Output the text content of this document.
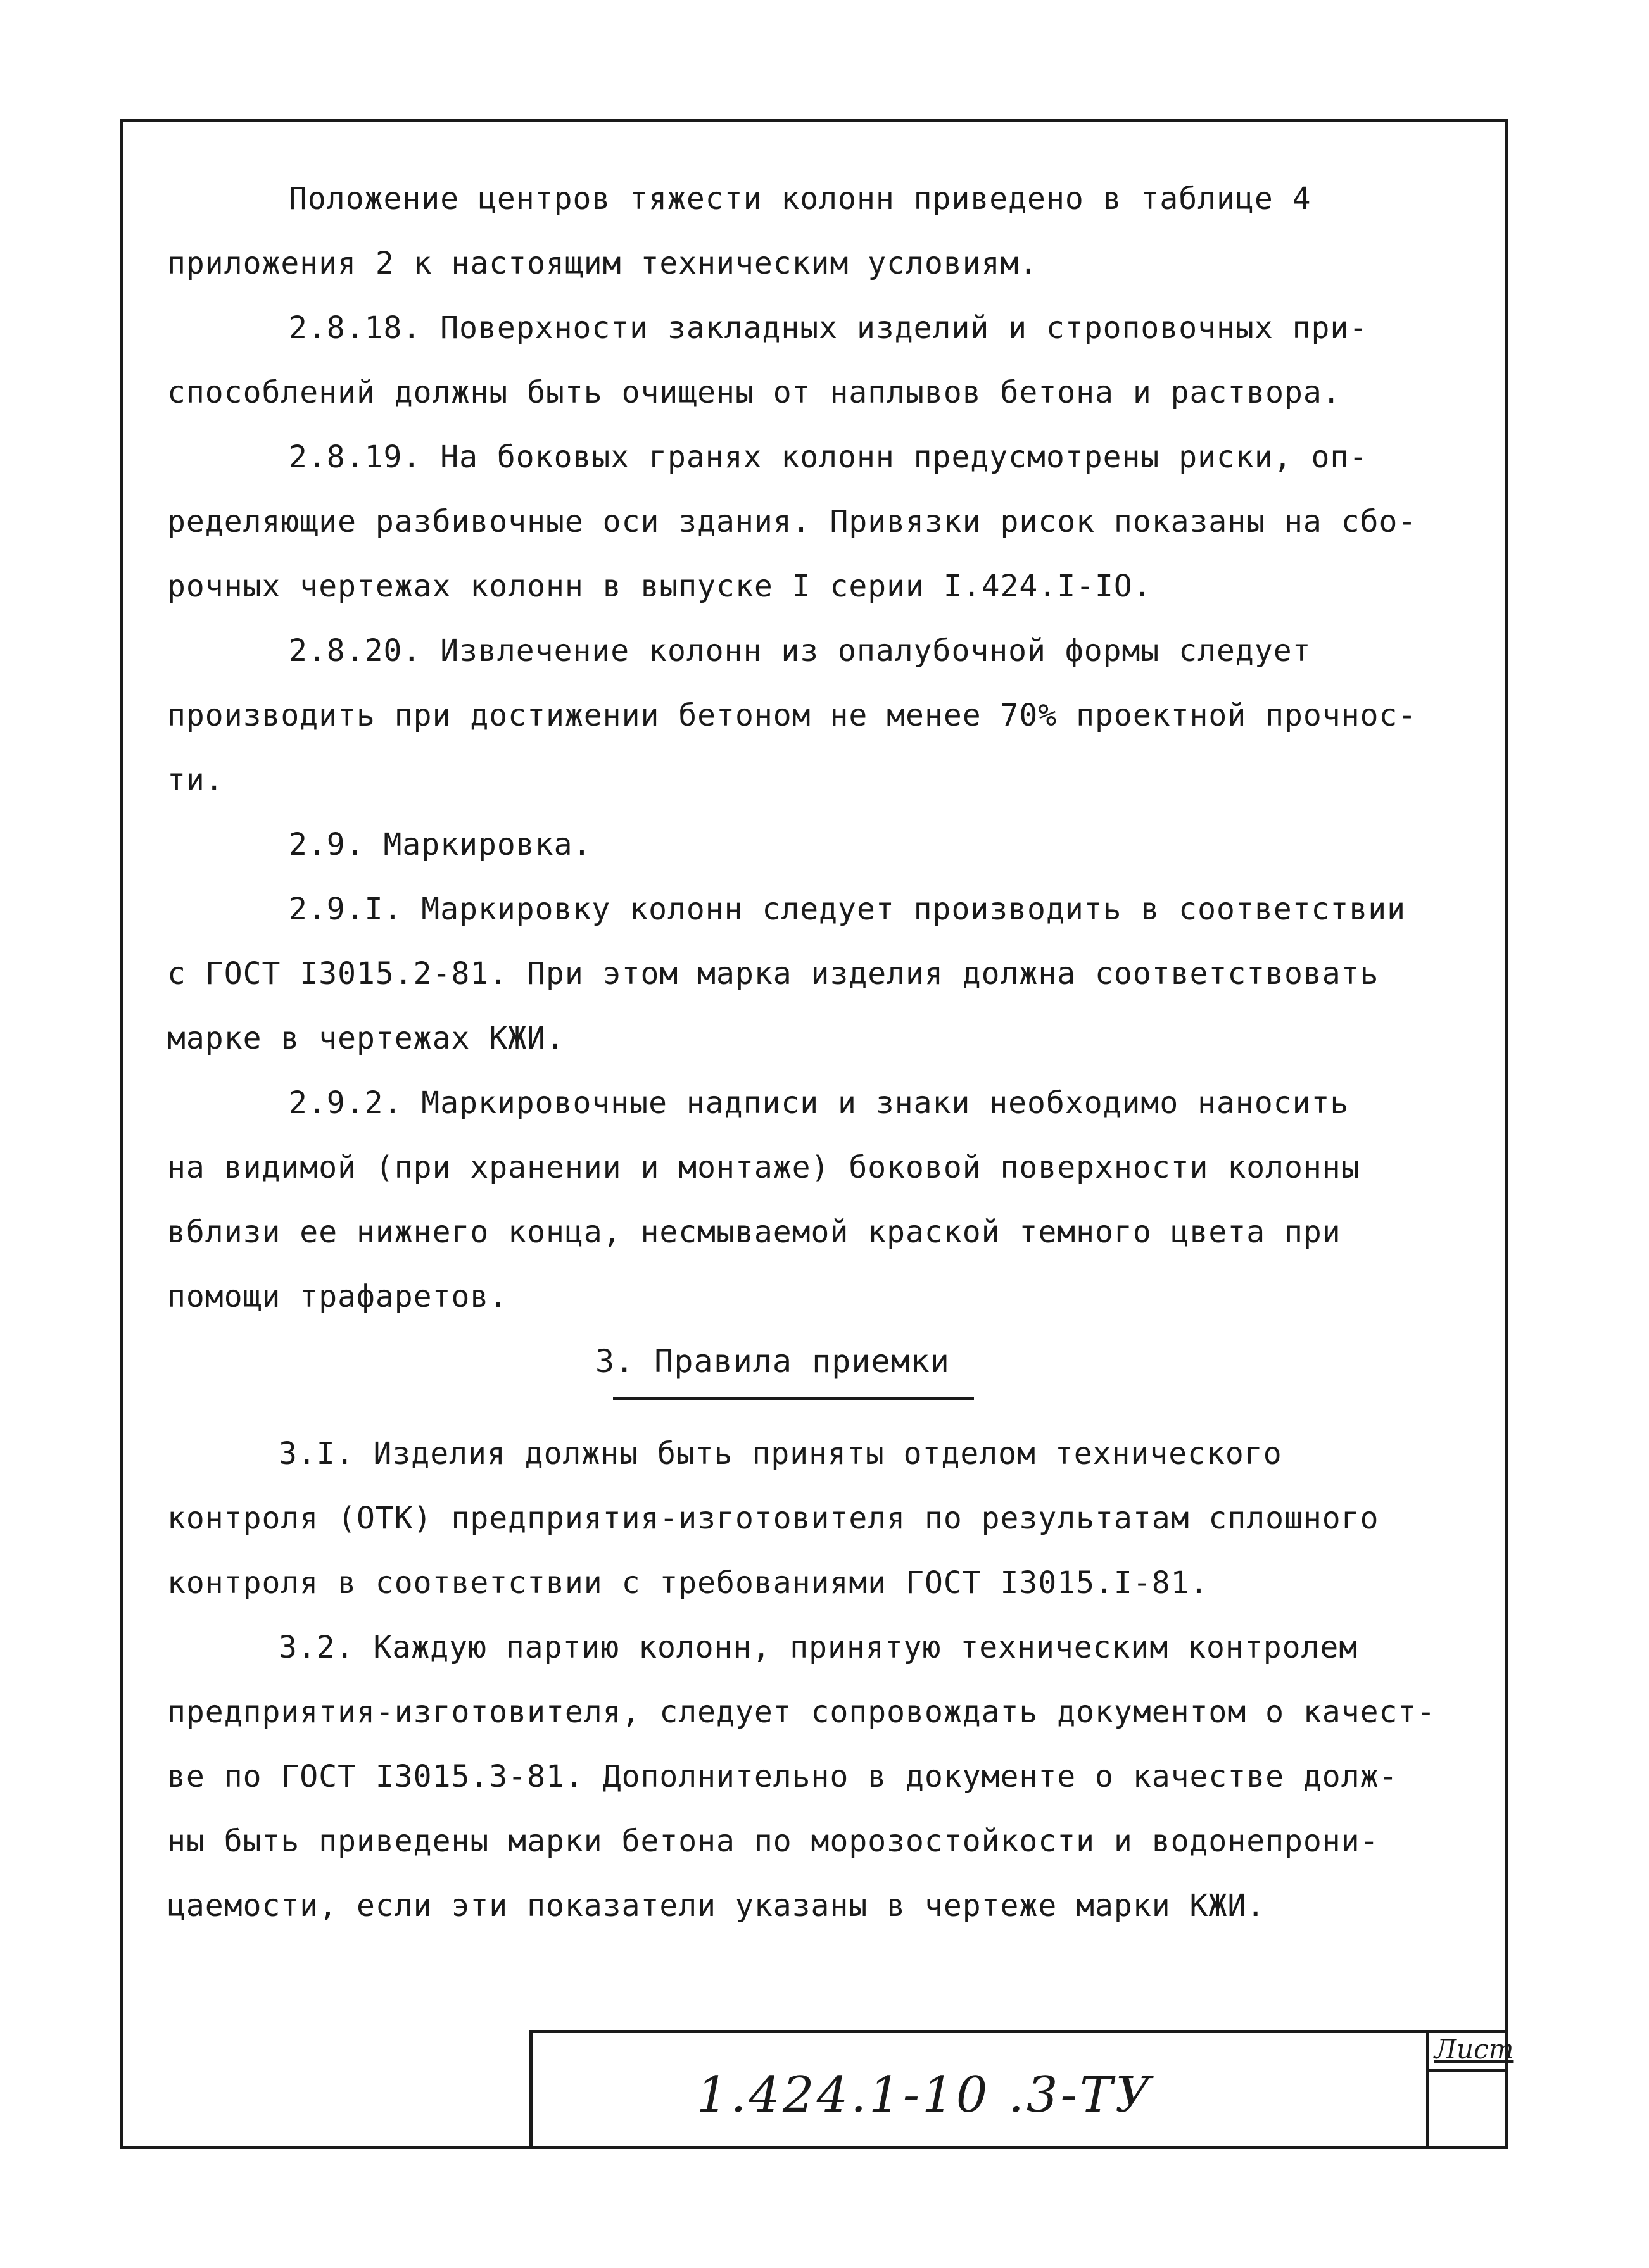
Положение центров тяжести колонн приведено в таблице 4
приложения 2 к настоящим техническим условиям.
2.8.18. Поверхности закладных изделий и строповочных при-
способлений должны быть очищены от наплывов бетона и раствора.
2.8.19. На боковых гранях колонн предусмотрены риски, оп-
ределяющие разбивочные оси здания. Привязки рисок показаны на сбо-
рочных чертежах колонн в выпуске I серии I.424.I-IO.
2.8.20. Извлечение колонн из опалубочной формы следует
производить при достижении бетоном не менее 70% проектной прочнос-
ти.
2.9. Маркировка.
2.9.I. Маркировку колонн следует производить в соответствии
с ГОСТ I3015.2-81. При этом марка изделия должна соответствовать
марке в чертежах КЖИ.
2.9.2. Маркировочные надписи и знаки необходимо наносить
на видимой (при хранении и монтаже) боковой поверхности колонны
вблизи ее нижнего конца, несмываемой краской темного цвета при
помощи трафаретов.
3. Правила приемки
3.I. Изделия должны быть приняты отделом технического
контроля (ОТК) предприятия-изготовителя по результатам сплошного
контроля в соответствии с требованиями ГОСТ I3015.I-81.
3.2. Каждую партию колонн, принятую техническим контролем
предприятия-изготовителя, следует сопровождать документом о качест-
ве по ГОСТ I3015.3-81. Дополнительно в документе о качестве долж-
ны быть приведены марки бетона по морозостойкости и водонепрони-
цаемости, если эти показатели указаны в чертеже марки КЖИ.
1.424.1-10 .3-ТУ
Лист
